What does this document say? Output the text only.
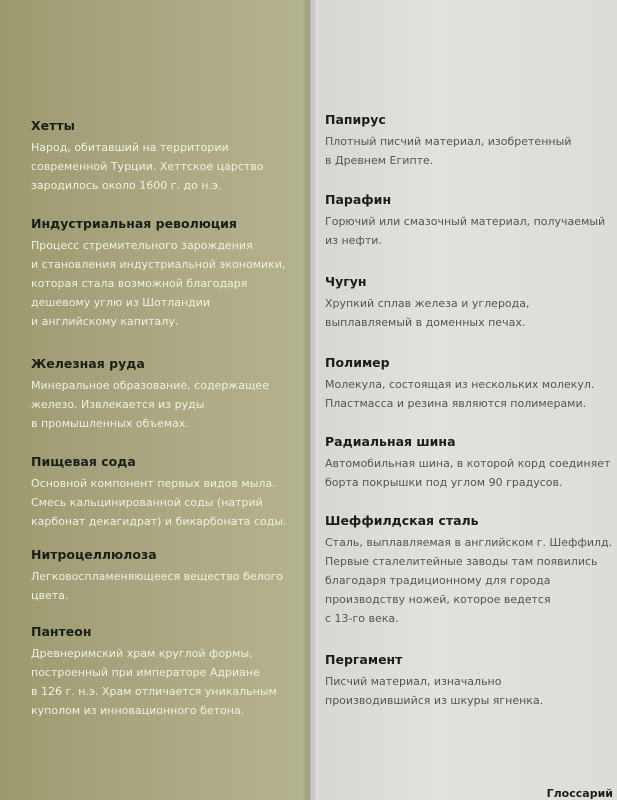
Хетты
Народ, обитавший на территории
современной Турции. Хеттское царство
зародилось около 1600 г. до н.э.
Индустриальная революция
Процесс стремительного зарождения
и становления индустриальной экономики,
которая стала возможной благодаря
дешевому углю из Шотландии
и английскому капиталу.
Железная руда
Минеральное образование, содержащее
железо. Извлекается из руды
в промышленных объемах.
Пищевая сода
Основной компонент первых видов мыла.
Смесь кальцинированной соды (натрий
карбонат декагидрат) и бикарбоната соды.
Нитроцеллюлоза
Легковоспламеняющееся вещество белого
цвета.
Пантеон
Древнеримский храм круглой формы,
построенный при императоре Адриане
в 126 г. н.э. Храм отличается уникальным
куполом из инновационного бетона.
Папирус
Плотный писчий материал, изобретенный
в Древнем Египте.
Парафин
Горючий или смазочный материал, получаемый
из нефти.
Чугун
Хрупкий сплав железа и углерода,
выплавляемый в доменных печах.
Полимер
Молекула, состоящая из нескольких молекул.
Пластмасса и резина являются полимерами.
Радиальная шина
Автомобильная шина, в которой корд соединяет
борта покрышки под углом 90 градусов.
Шеффилдская сталь
Сталь, выплавляемая в английском г. Шеффилд.
Первые сталелитейные заводы там появились
благодаря традиционному для города
производству ножей, которое ведется
с 13-го века.
Пергамент
Писчий материал, изначально
производившийся из шкуры ягненка.
Глоссарий
